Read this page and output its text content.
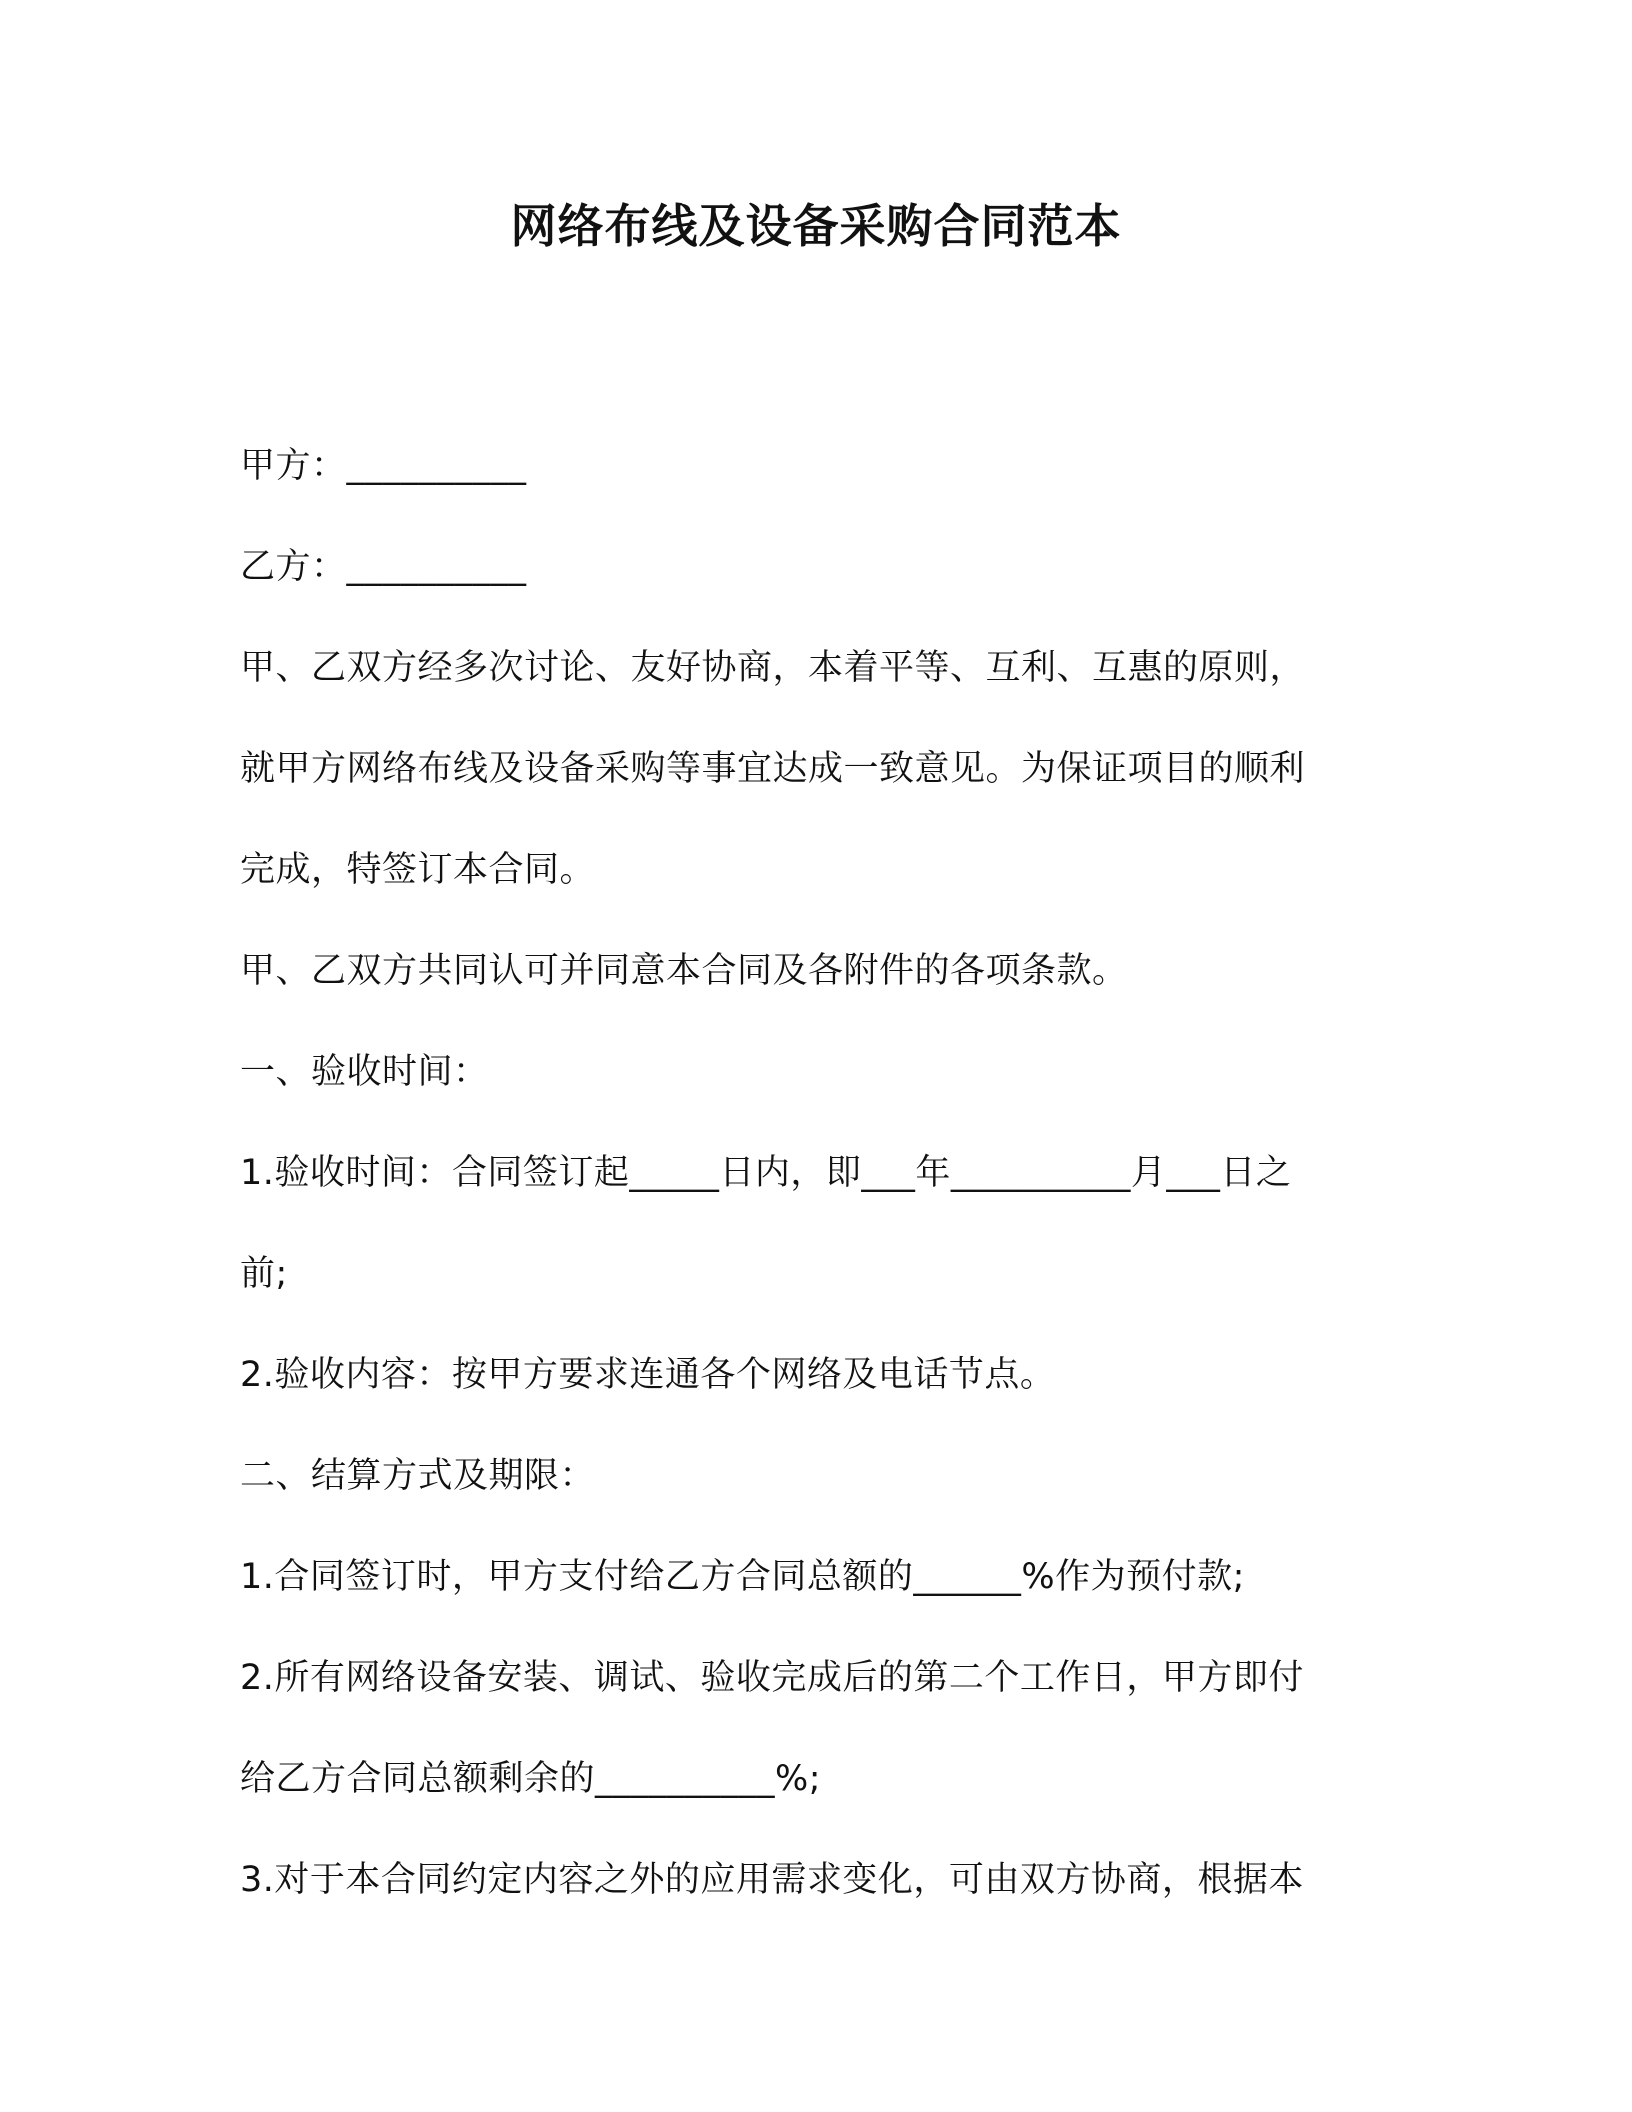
网络布线及设备采购合同范本
甲方：__________
乙方：__________
甲、乙双方经多次讨论、友好协商，本着平等、互利、互惠的原则，
就甲方网络布线及设备采购等事宜达成一致意见。为保证项目的顺利
完成，特签订本合同。
甲、乙双方共同认可并同意本合同及各附件的各项条款。
一、验收时间：
1.验收时间：合同签订起_____日内，即___年__________月___日之
前;
2.验收内容：按甲方要求连通各个网络及电话节点。
二、结算方式及期限：
1.合同签订时，甲方支付给乙方合同总额的______%作为预付款;
2.所有网络设备安装、调试、验收完成后的第二个工作日，甲方即付
给乙方合同总额剩余的__________%;
3.对于本合同约定内容之外的应用需求变化，可由双方协商，根据本
